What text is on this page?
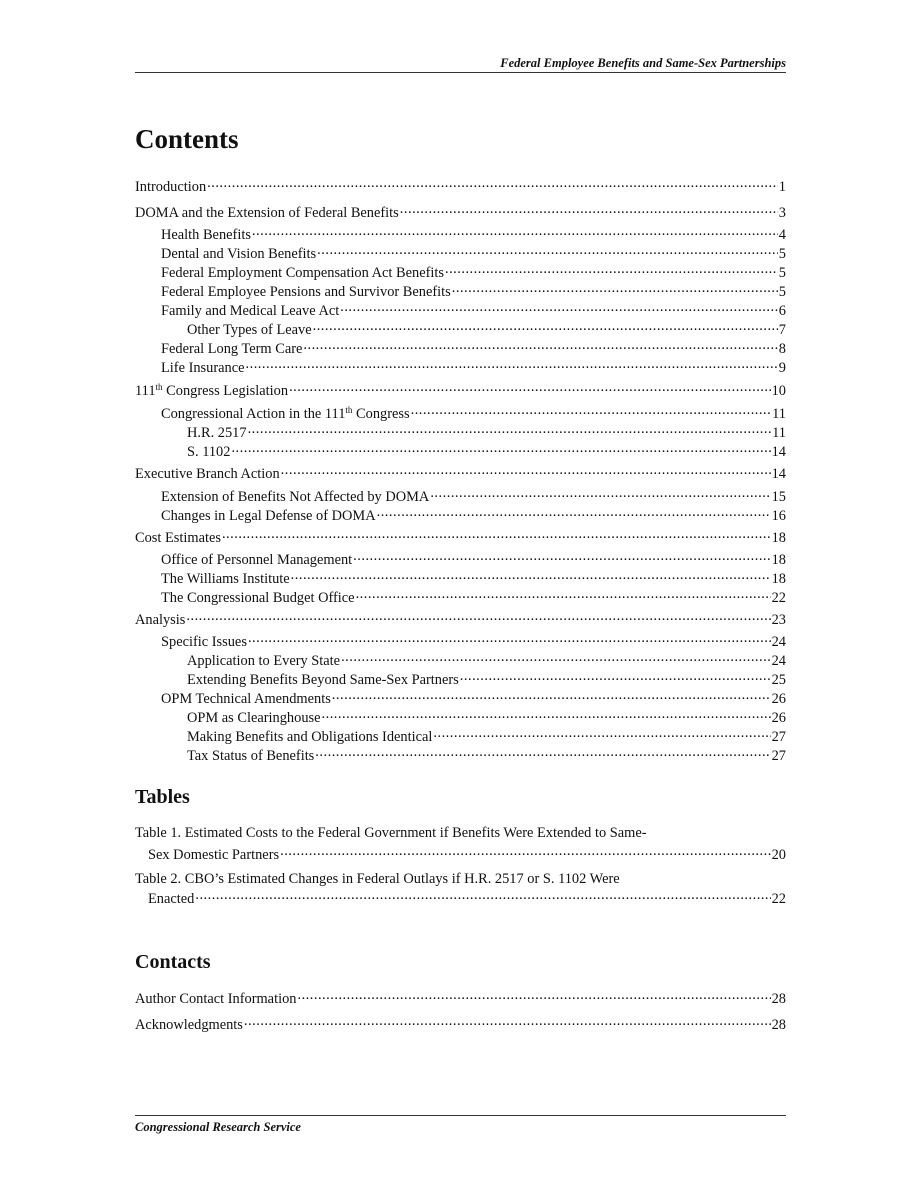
Federal Employee Benefits and Same-Sex Partnerships
Contents
Introduction .....	1
DOMA and the Extension of Federal Benefits .....	3
Health Benefits .....	4
Dental and Vision Benefits .....	5
Federal Employment Compensation Act Benefits .....	5
Federal Employee Pensions and Survivor Benefits .....	5
Family and Medical Leave Act .....	6
Other Types of Leave .....	7
Federal Long Term Care .....	8
Life Insurance .....	9
111th Congress Legislation .....	10
Congressional Action in the 111th Congress .....	11
H.R. 2517 .....	11
S. 1102 .....	14
Executive Branch Action .....	14
Extension of Benefits Not Affected by DOMA .....	15
Changes in Legal Defense of DOMA .....	16
Cost Estimates .....	18
Office of Personnel Management .....	18
The Williams Institute .....	18
The Congressional Budget Office .....	22
Analysis .....	23
Specific Issues .....	24
Application to Every State .....	24
Extending Benefits Beyond Same-Sex Partners .....	25
OPM Technical Amendments .....	26
OPM as Clearinghouse .....	26
Making Benefits and Obligations Identical .....	27
Tax Status of Benefits .....	27
Tables
Table 1. Estimated Costs to the Federal Government if Benefits Were Extended to Same-
Sex Domestic Partners .....	20
Table 2. CBO’s Estimated Changes in Federal Outlays if H.R. 2517 or S. 1102 Were
Enacted .....	22
Contacts
Author Contact Information .....	28
Acknowledgments .....	28
Congressional Research Service
